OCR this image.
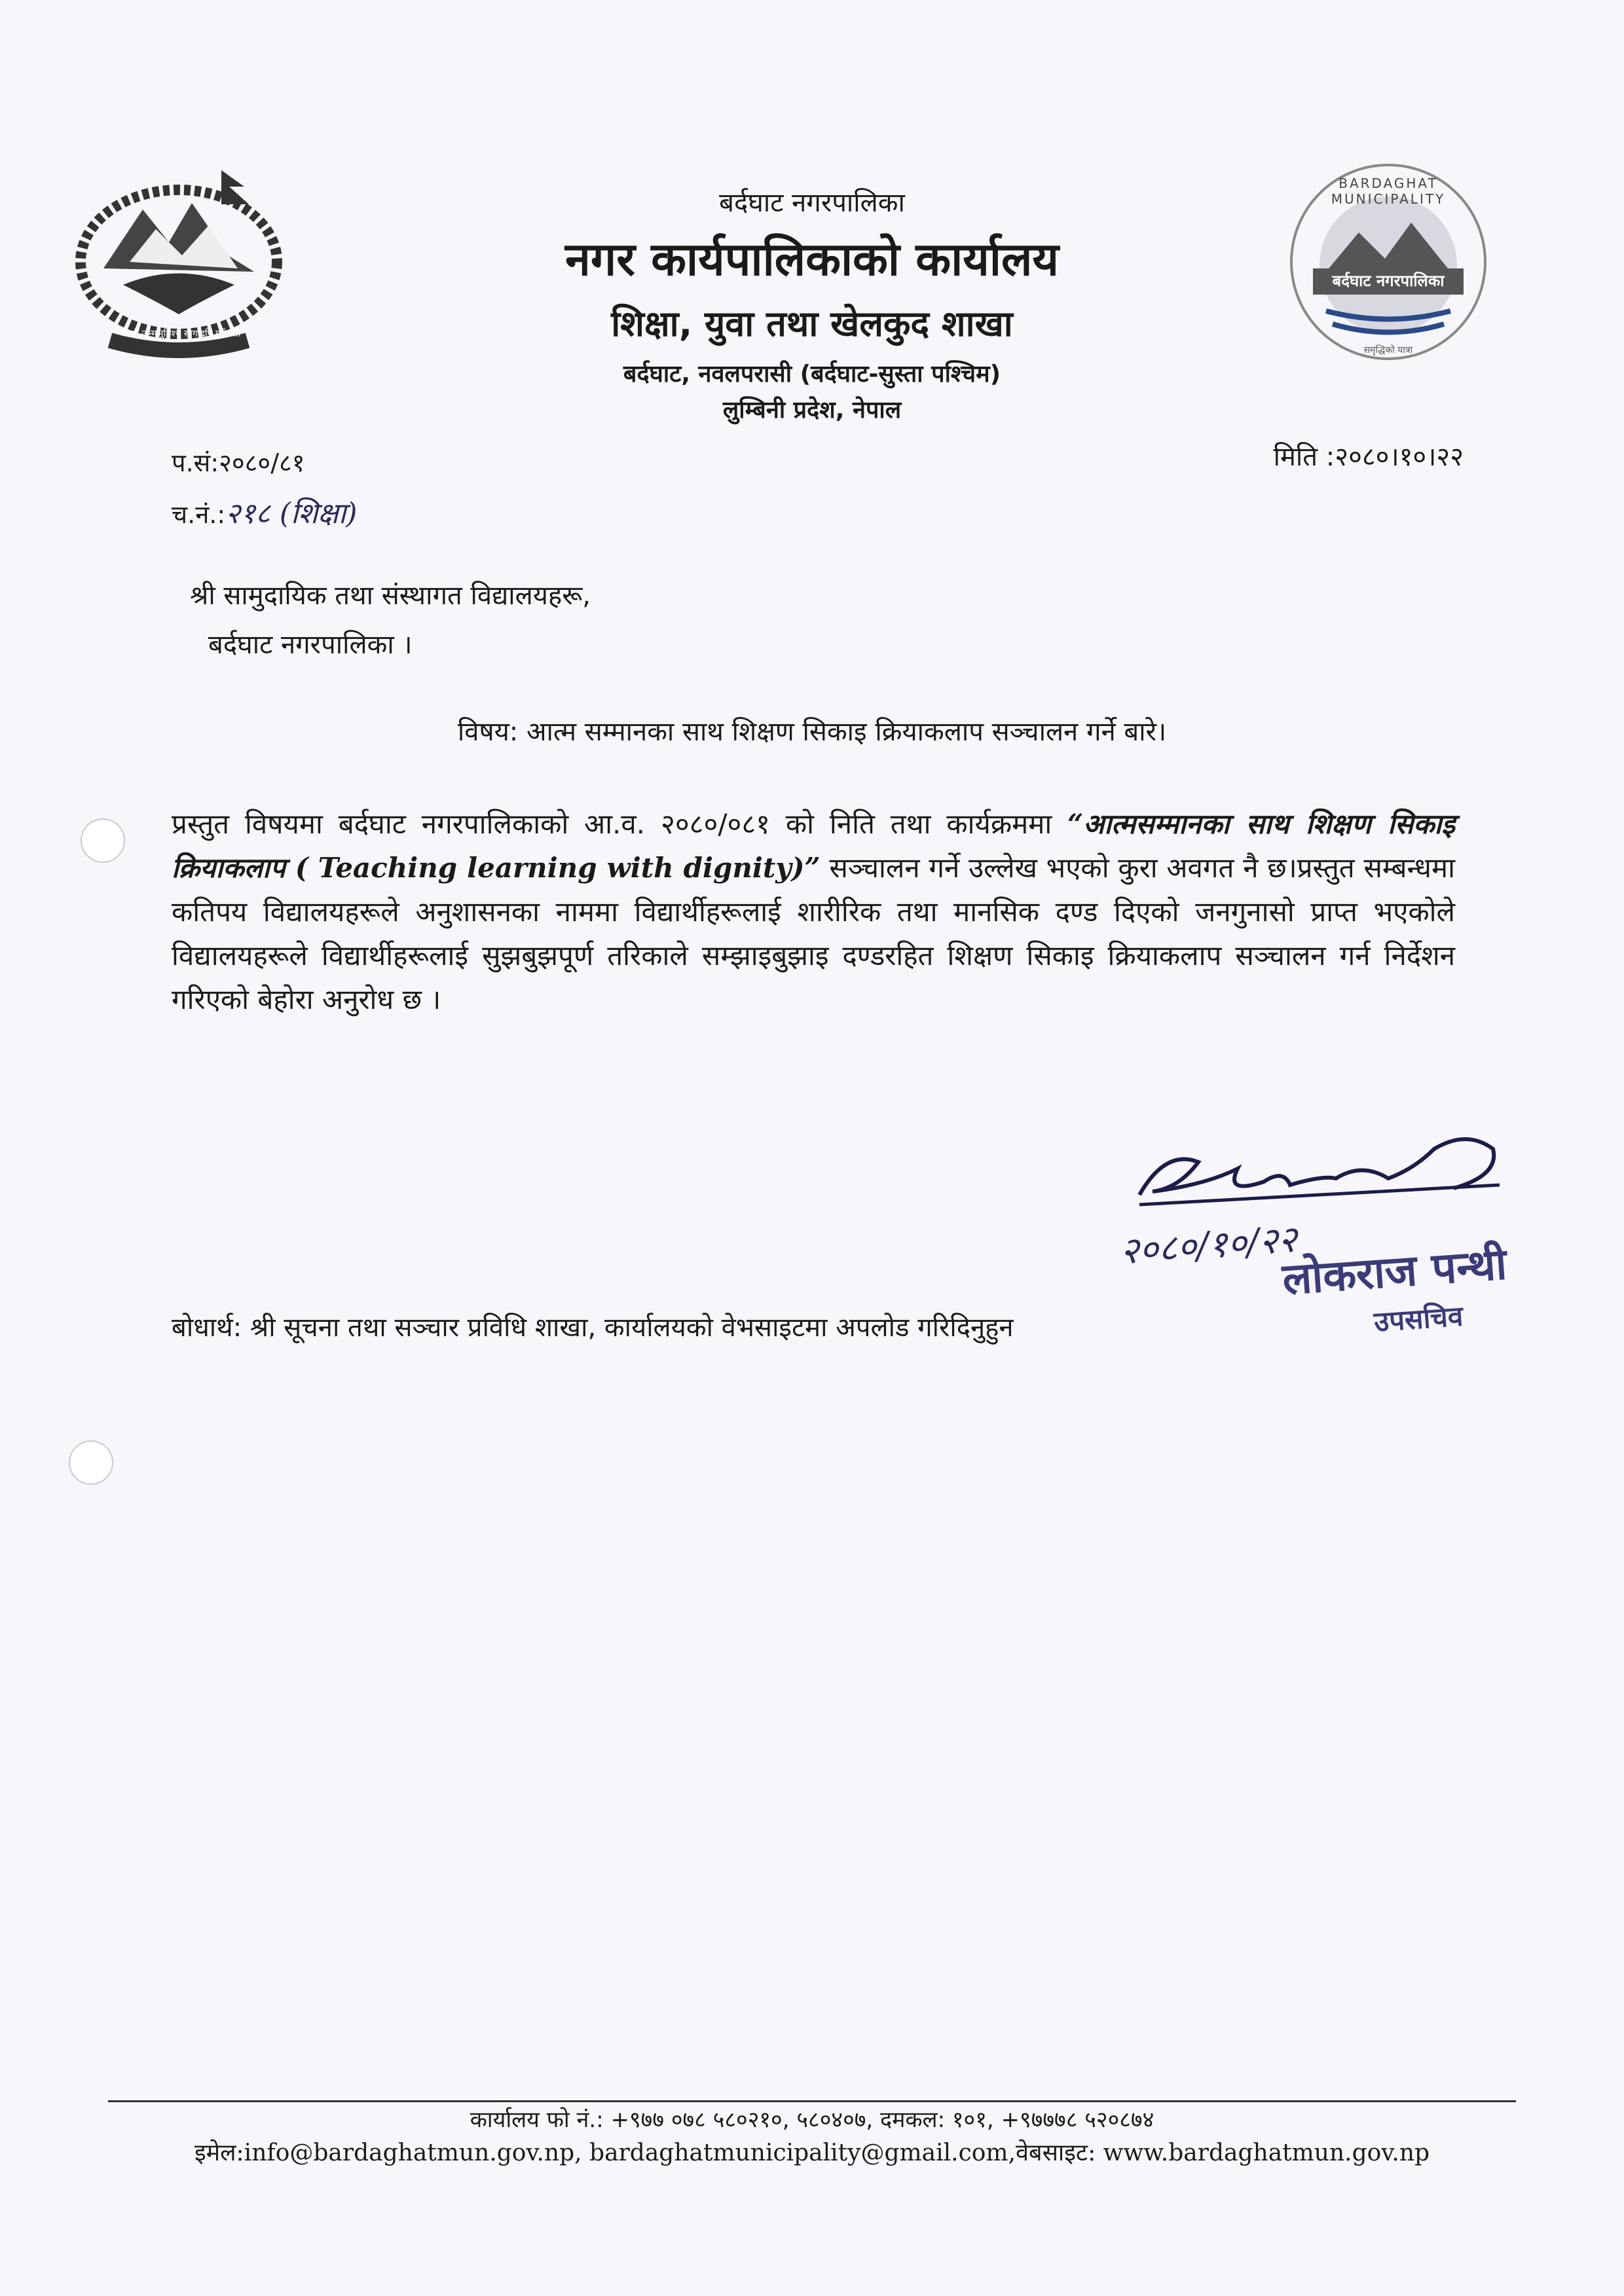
जननी जन्मभूमिश्च स्वर्गादपि गरीयसी
BARDAGHAT MUNICIPALITY
बर्दघाट नगरपालिका
समृद्धिको यात्रा
बर्दघाट नगरपालिका
नगर कार्यपालिकाको कार्यालय
शिक्षा, युवा तथा खेलकुद शाखा
बर्दघाट, नवलपरासी (बर्दघाट-सुस्ता पश्चिम)
लुम्बिनी प्रदेश, नेपाल
प.सं:२०८०/८१	मिति :२०८०।१०।२२
च.नं.:२१८ (शिक्षा)
श्री सामुदायिक तथा संस्थागत विद्यालयहरू,
बर्दघाट नगरपालिका ।
विषय: आत्म सम्मानका साथ शिक्षण सिकाइ क्रियाकलाप सञ्चालन गर्ने बारे।

प्रस्तुत विषयमा बर्दघाट नगरपालिकाको आ.व. २०८०/०८१ को निति तथा कार्यक्रममा “आत्मसम्मानका साथ शिक्षण सिकाइ क्रियाकलाप ( Teaching learning with dignity)” सञ्चालन गर्ने उल्लेख भएको कुरा अवगत नै छ।प्रस्तुत सम्बन्धमा कतिपय विद्यालयहरूले अनुशासनका नाममा विद्यार्थीहरूलाई शारीरिक तथा मानसिक दण्ड दिएको जनगुनासो प्राप्त भएकोले विद्यालयहरूले विद्यार्थीहरूलाई सुझबुझपूर्ण तरिकाले सम्झाइबुझाइ दण्डरहित शिक्षण सिकाइ क्रियाकलाप सञ्चालन गर्न निर्देशन गरिएको बेहोरा अनुरोध छ ।

२०८०/१०/२२
लोकराज पन्थी
उपसचिव
बोधार्थ: श्री सूचना तथा सञ्चार प्रविधि शाखा, कार्यालयको वेभसाइटमा अपलोड गरिदिनुहुन
कार्यालय फो नं.: +९७७ ०७८ ५८०२१०, ५८०४०७, दमकल: १०१, +९७७७८ ५२०८७४
इमेल:info@bardaghatmun.gov.np, bardaghatmunicipality@gmail.com,वेबसाइट: www.bardaghatmun.gov.np
